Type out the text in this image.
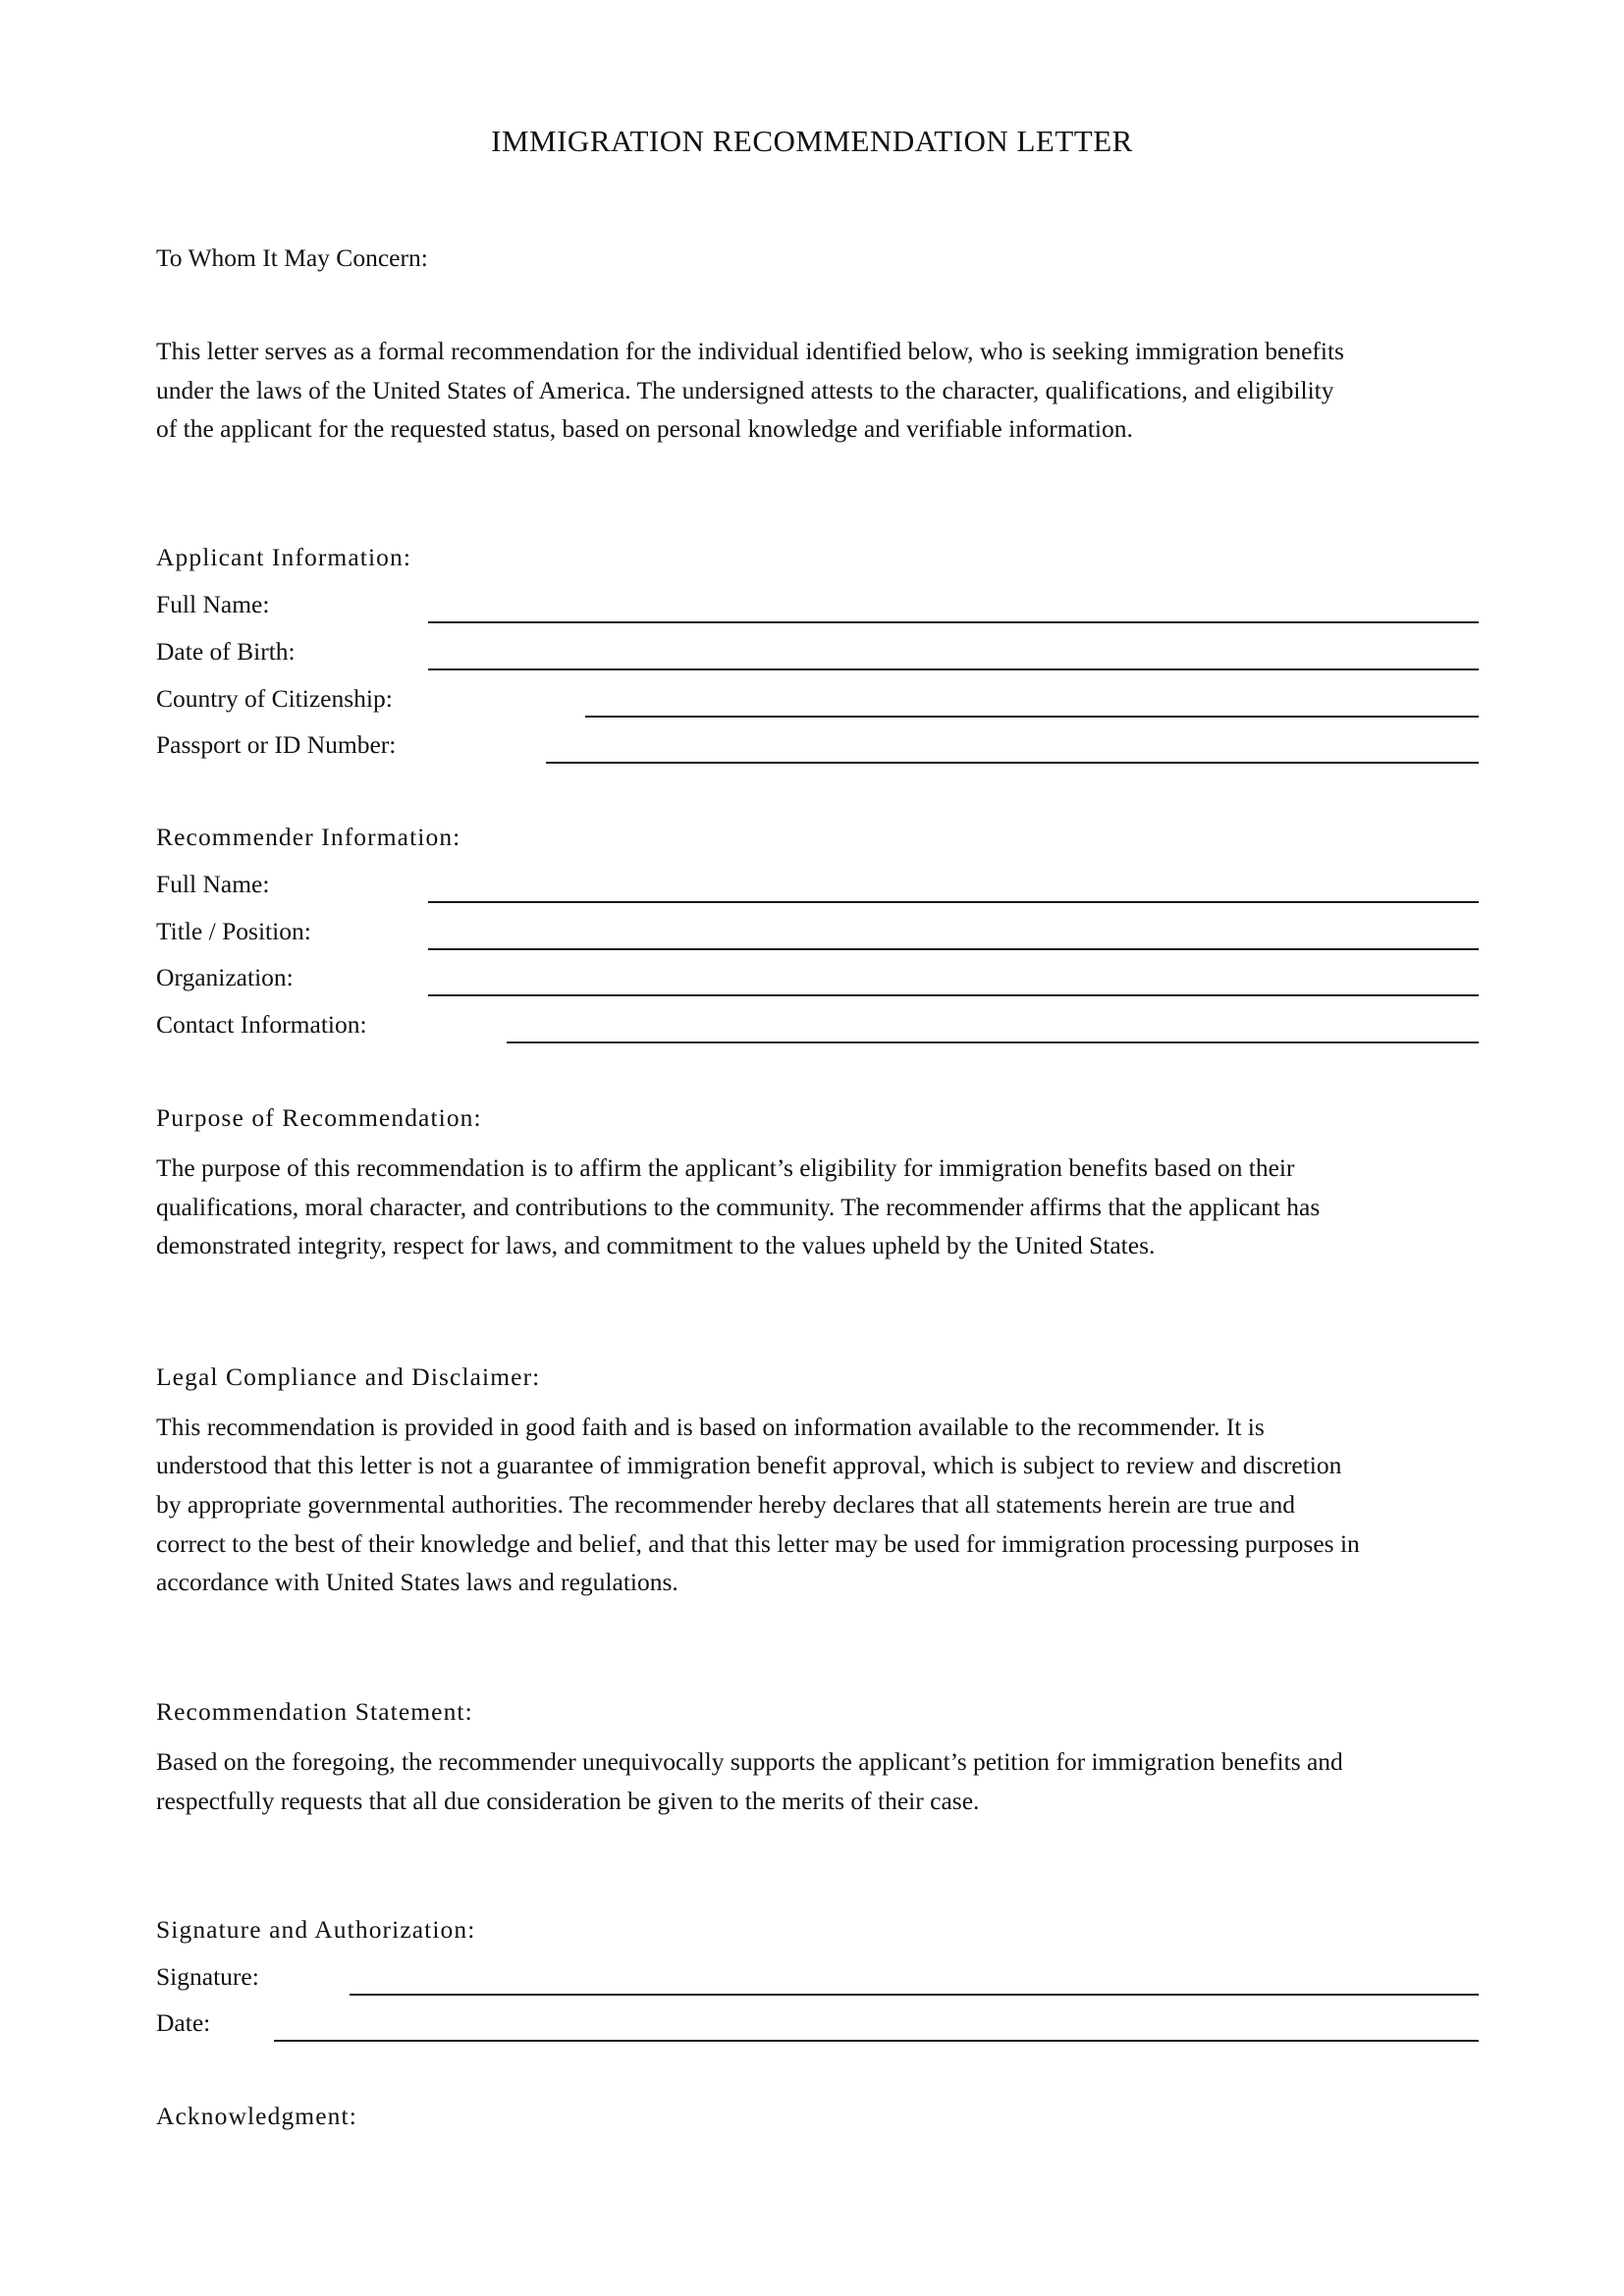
IMMIGRATION RECOMMENDATION LETTER
To Whom It May Concern:
This letter serves as a formal recommendation for the individual identified below, who is seeking immigration benefits
under the laws of the United States of America. The undersigned attests to the character, qualifications, and eligibility
of the applicant for the requested status, based on personal knowledge and verifiable information.
Applicant Information:
Full Name:
Date of Birth:
Country of Citizenship:
Passport or ID Number:
Recommender Information:
Full Name:
Title / Position:
Organization:
Contact Information:
Purpose of Recommendation:
The purpose of this recommendation is to affirm the applicant’s eligibility for immigration benefits based on their
qualifications, moral character, and contributions to the community. The recommender affirms that the applicant has
demonstrated integrity, respect for laws, and commitment to the values upheld by the United States.
Legal Compliance and Disclaimer:
This recommendation is provided in good faith and is based on information available to the recommender. It is
understood that this letter is not a guarantee of immigration benefit approval, which is subject to review and discretion
by appropriate governmental authorities. The recommender hereby declares that all statements herein are true and
correct to the best of their knowledge and belief, and that this letter may be used for immigration processing purposes in
accordance with United States laws and regulations.
Recommendation Statement:
Based on the foregoing, the recommender unequivocally supports the applicant’s petition for immigration benefits and
respectfully requests that all due consideration be given to the merits of their case.
Signature and Authorization:
Signature:
Date:
Acknowledgment:
